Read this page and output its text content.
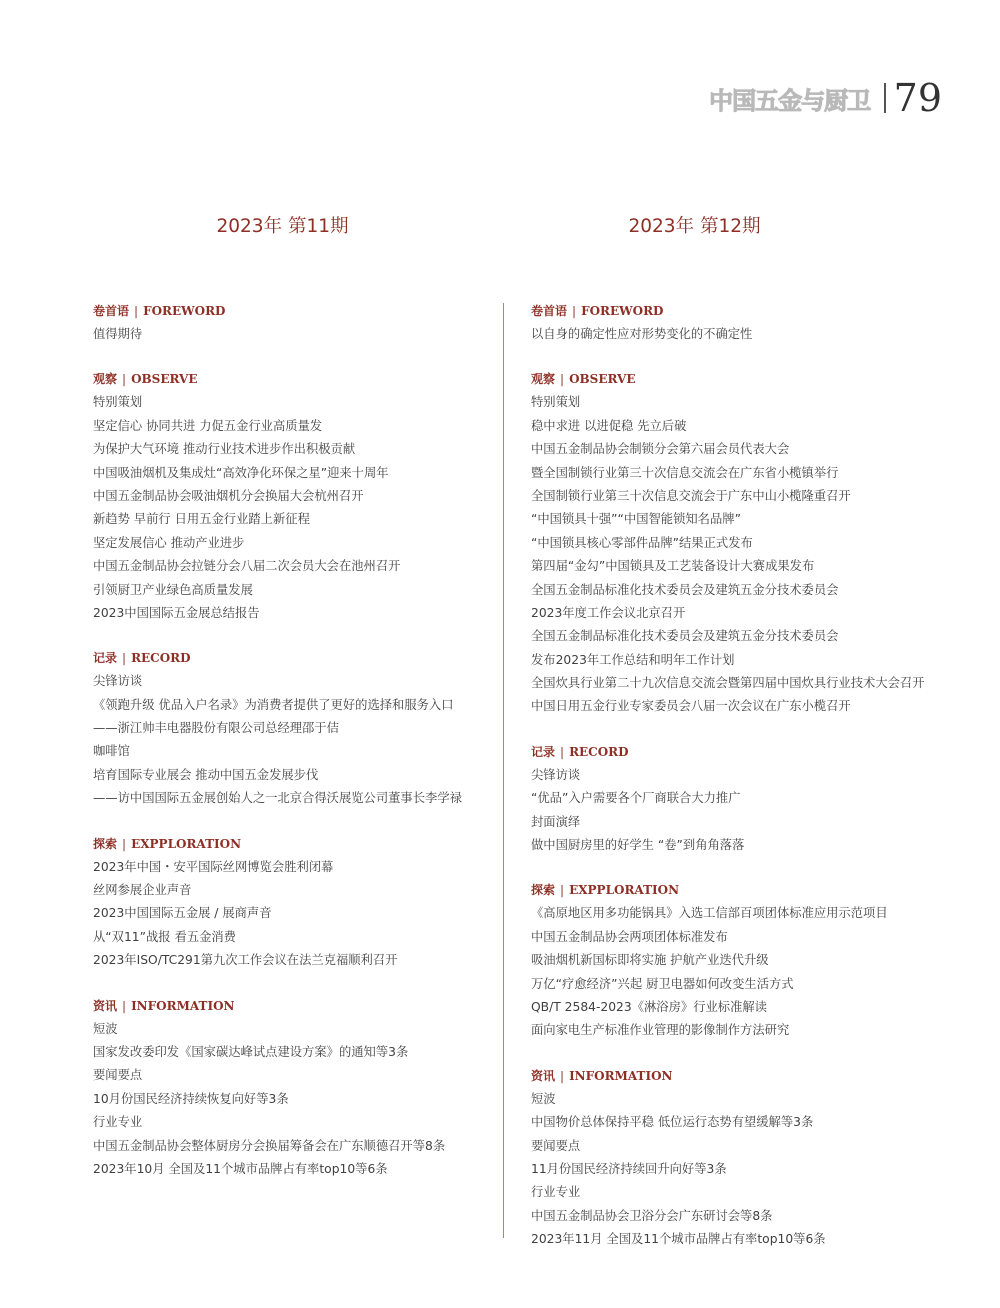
中国五金与厨卫 79
2023年 第11期	2023年 第12期
卷首语 | FOREWORD
值得期待
观察 | OBSERVE
特别策划
坚定信心 协同共进 力促五金行业高质量发
为保护大气环境 推动行业技术进步作出积极贡献
中国吸油烟机及集成灶“高效净化环保之星”迎来十周年
中国五金制品协会吸油烟机分会换届大会杭州召开
新趋势 早前行 日用五金行业踏上新征程
坚定发展信心 推动产业进步
中国五金制品协会拉链分会八届二次会员大会在池州召开
引领厨卫产业绿色高质量发展
2023中国国际五金展总结报告
记录 | RECORD
尖锋访谈
《领跑升级 优品入户名录》为消费者提供了更好的选择和服务入口
——浙江帅丰电器股份有限公司总经理邵于佶
咖啡馆
培育国际专业展会 推动中国五金发展步伐
——访中国国际五金展创始人之一北京合得沃展览公司董事长李学禄
探索 | EXPPLORATION
2023年中国・安平国际丝网博览会胜利闭幕
丝网参展企业声音
2023中国国际五金展 / 展商声音
从“双11”战报 看五金消费
2023年ISO/TC291第九次工作会议在法兰克福顺利召开
资讯 | INFORMATION
短波
国家发改委印发《国家碳达峰试点建设方案》的通知等3条
要闻要点
10月份国民经济持续恢复向好等3条
行业专业
中国五金制品协会整体厨房分会换届筹备会在广东顺德召开等8条
2023年10月 全国及11个城市品牌占有率top10等6条
卷首语 | FOREWORD
以自身的确定性应对形势变化的不确定性
观察 | OBSERVE
特别策划
稳中求进 以进促稳 先立后破
中国五金制品协会制锁分会第六届会员代表大会
暨全国制锁行业第三十次信息交流会在广东省小榄镇举行
全国制锁行业第三十次信息交流会于广东中山小榄隆重召开
“中国锁具十强”“中国智能锁知名品牌”
“中国锁具核心零部件品牌”结果正式发布
第四届“金勾”中国锁具及工艺装备设计大赛成果发布
全国五金制品标准化技术委员会及建筑五金分技术委员会
2023年度工作会议北京召开
全国五金制品标准化技术委员会及建筑五金分技术委员会
发布2023年工作总结和明年工作计划
全国炊具行业第二十九次信息交流会暨第四届中国炊具行业技术大会召开
中国日用五金行业专家委员会八届一次会议在广东小榄召开
记录 | RECORD
尖锋访谈
“优品”入户需要各个厂商联合大力推广
封面演绎
做中国厨房里的好学生 “卷”到角角落落
探索 | EXPPLORATION
《高原地区用多功能锅具》入选工信部百项团体标准应用示范项目
中国五金制品协会两项团体标准发布
吸油烟机新国标即将实施 护航产业迭代升级
万亿“疗愈经济”兴起 厨卫电器如何改变生活方式
QB/T 2584-2023《淋浴房》行业标准解读
面向家电生产标准作业管理的影像制作方法研究
资讯 | INFORMATION
短波
中国物价总体保持平稳 低位运行态势有望缓解等3条
要闻要点
11月份国民经济持续回升向好等3条
行业专业
中国五金制品协会卫浴分会广东研讨会等8条
2023年11月 全国及11个城市品牌占有率top10等6条
